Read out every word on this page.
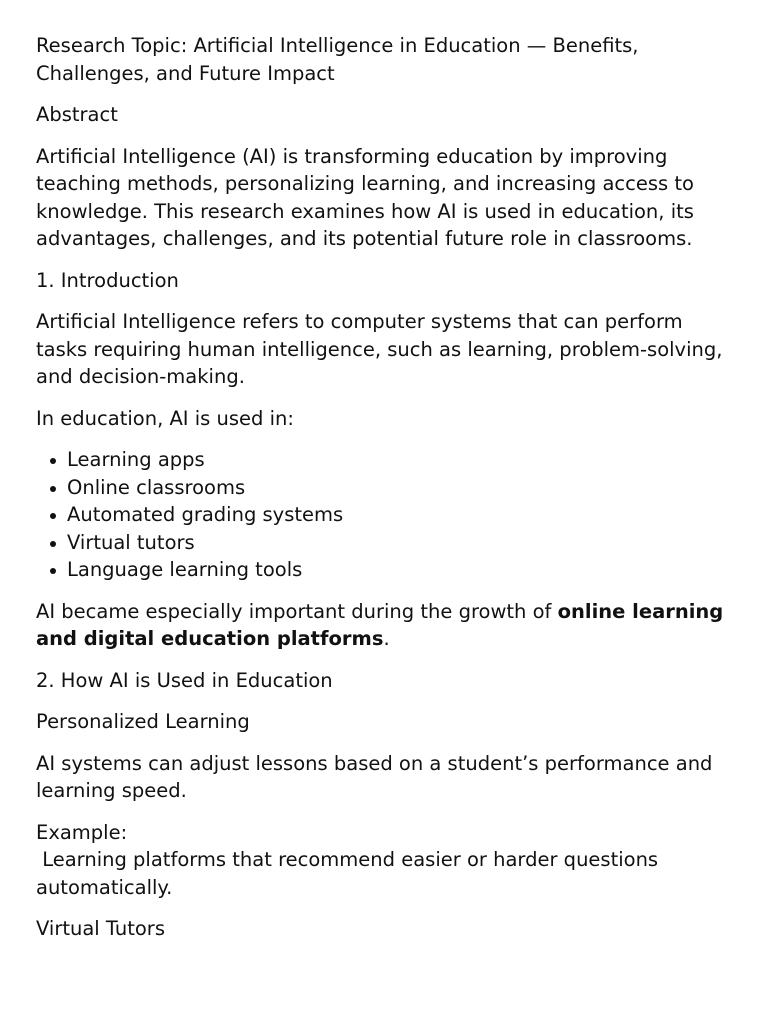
Research Topic: Artificial Intelligence in Education — Benefits,
Challenges, and Future Impact

Abstract

Artificial Intelligence (AI) is transforming education by improving teaching methods, personalizing learning, and increasing access to knowledge. This research examines how AI is used in education, its advantages, challenges, and its potential future role in classrooms.

1. Introduction

Artificial Intelligence refers to computer systems that can perform tasks requiring human intelligence, such as learning, problem-solving, and decision-making.

In education, AI is used in:

Learning apps
Online classrooms
Automated grading systems
Virtual tutors
Language learning tools

AI became especially important during the growth of online learning and digital education platforms.

2. How AI is Used in Education

Personalized Learning

AI systems can adjust lessons based on a student’s performance and learning speed.

Example:
Learning platforms that recommend easier or harder questions automatically.

Virtual Tutors
